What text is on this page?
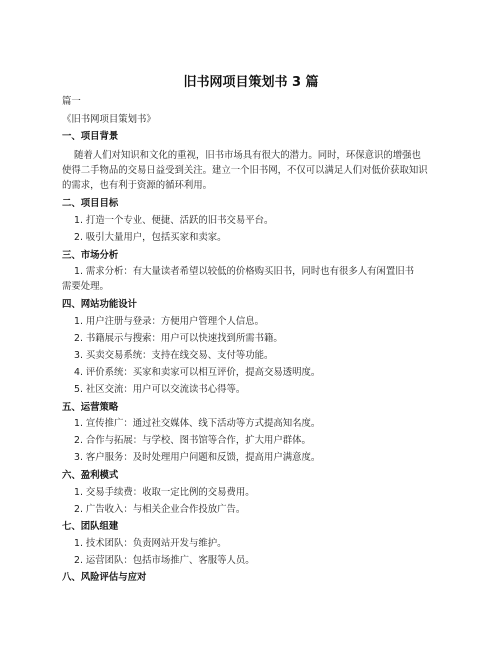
旧书网项目策划书 3 篇
篇一
《旧书网项目策划书》
一、项目背景
随着人们对知识和文化的重视，旧书市场具有很大的潜力。同时，环保意识的增强也
使得二手物品的交易日益受到关注。建立一个旧书网，不仅可以满足人们对低价获取知识
的需求，也有利于资源的循环利用。
二、项目目标
1. 打造一个专业、便捷、活跃的旧书交易平台。
2. 吸引大量用户，包括买家和卖家。
三、市场分析
1. 需求分析：有大量读者希望以较低的价格购买旧书，同时也有很多人有闲置旧书
需要处理。
四、网站功能设计
1. 用户注册与登录：方便用户管理个人信息。
2. 书籍展示与搜索：用户可以快速找到所需书籍。
3. 买卖交易系统：支持在线交易、支付等功能。
4. 评价系统：买家和卖家可以相互评价，提高交易透明度。
5. 社区交流：用户可以交流读书心得等。
五、运营策略
1. 宣传推广：通过社交媒体、线下活动等方式提高知名度。
2. 合作与拓展：与学校、图书馆等合作，扩大用户群体。
3. 客户服务：及时处理用户问题和反馈，提高用户满意度。
六、盈利模式
1. 交易手续费：收取一定比例的交易费用。
2. 广告收入：与相关企业合作投放广告。
七、团队组建
1. 技术团队：负责网站开发与维护。
2. 运营团队：包括市场推广、客服等人员。
八、风险评估与应对
